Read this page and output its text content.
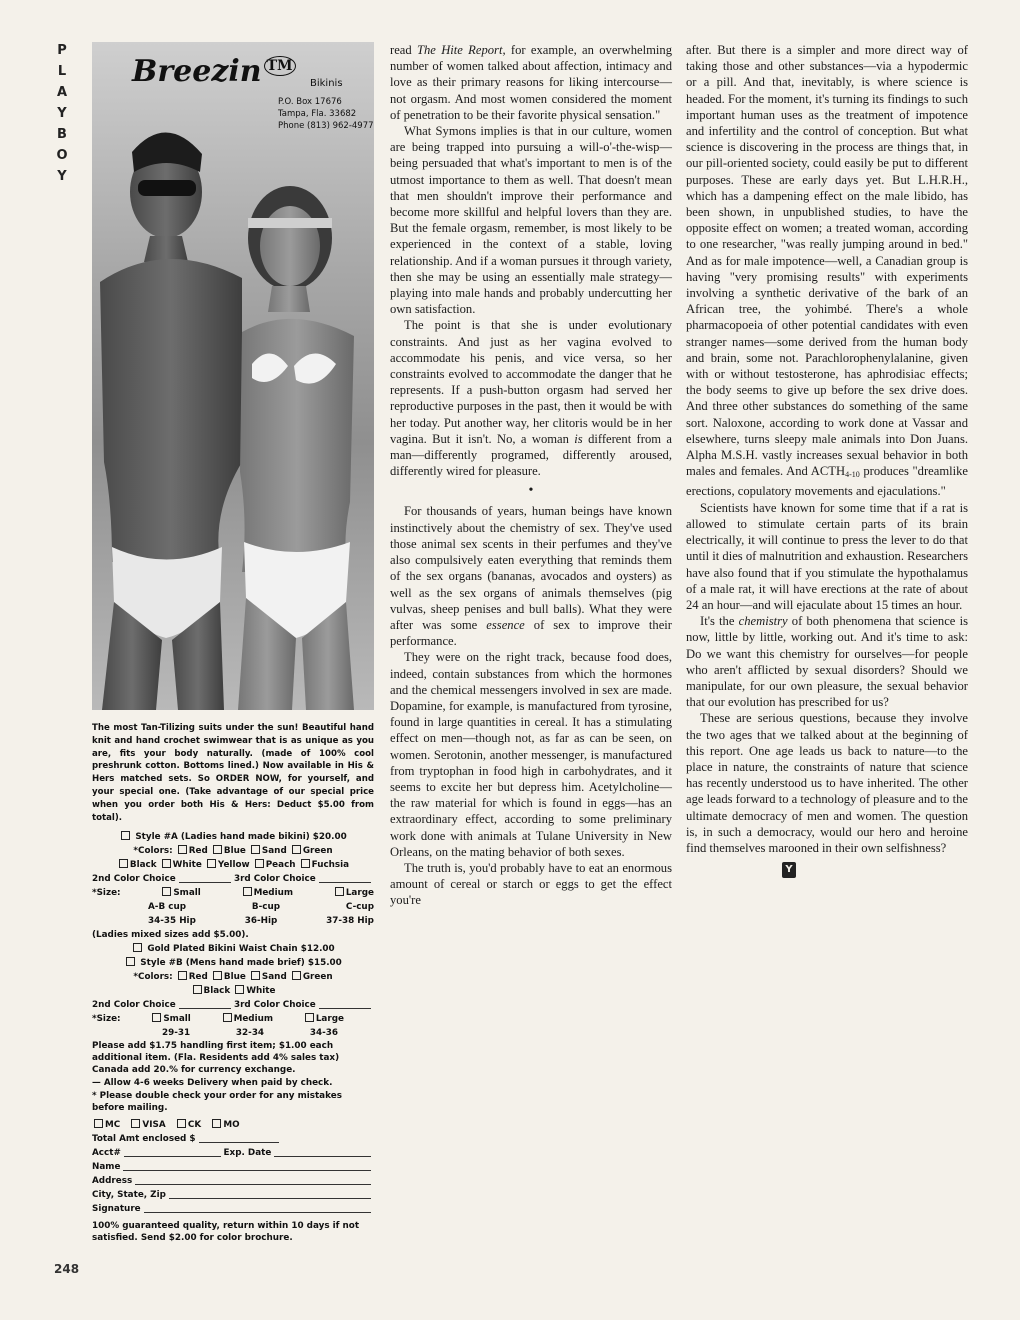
P
L
A
Y
B
O
Y
248
Breezin ™
Bikinis
P.O. Box 17676
Tampa, Fla. 33682
Phone (813) 962-4977

The most Tan-Tilizing suits under the sun! Beautiful hand knit and hand crochet swimwear that is as unique as you are, fits your body naturally. (made of 100% cool preshrunk cotton. Bottoms lined.) Now available in His & Hers matched sets. So ORDER NOW, for yourself, and your special one. (Take advantage of our special price when you order both His & Hers: Deduct $5.00 from total).

Style #A (Ladies hand made bikini) $20.00
*Colors: Red Blue Sand Green
Black White Yellow Peach Fuchsia
2nd Color Choice	3rd Color Choice
*Size:	Small	Medium	Large
A-B cup	B-cup	C-cup
34-35 Hip	36-Hip	37-38 Hip
(Ladies mixed sizes add $5.00).
Gold Plated Bikini Waist Chain $12.00
Style #B (Mens hand made brief) $15.00
*Colors: Red Blue Sand Green
Black White
2nd Color Choice	3rd Color Choice
*Size:	Small	Medium	Large
29-31	32-34	34-36
Please add $1.75 handling first item; $1.00 each additional item. (Fla. Residents add 4% sales tax) Canada add 20.% for currency exchange.
— Allow 4-6 weeks Delivery when paid by check.
* Please double check your order for any mistakes before mailing.
MC	VISA	CK	MO
Total Amt enclosed $
Acct#	Exp. Date
Name
Address
City, State, Zip
Signature
100% guaranteed quality, return within 10 days if not satisfied. Send $2.00 for color brochure.

read The Hite Report, for example, an overwhelming number of women talked about affection, intimacy and love as their primary reasons for liking intercourse—not orgasm. And most women considered the moment of penetration to be their favorite physical sensation."

What Symons implies is that in our culture, women are being trapped into pursuing a will-o'-the-wisp—being persuaded that what's important to men is of the utmost importance to them as well. That doesn't mean that men shouldn't improve their performance and become more skillful and helpful lovers than they are. But the female orgasm, remember, is most likely to be experienced in the context of a stable, loving relationship. And if a woman pursues it through variety, then she may be using an essentially male strategy—playing into male hands and probably undercutting her own satisfaction.

The point is that she is under evolutionary constraints. And just as her vagina evolved to accommodate his penis, and vice versa, so her constraints evolved to accommodate the danger that he represents. If a push-button orgasm had served her reproductive purposes in the past, then it would be with her today. Put another way, her clitoris would be in her vagina. But it isn't. No, a woman is different from a man—differently programed, differently aroused, differently wired for pleasure.

•

For thousands of years, human beings have known instinctively about the chemistry of sex. They've used those animal sex scents in their perfumes and they've also compulsively eaten everything that reminds them of the sex organs (bananas, avocados and oysters) as well as the sex organs of animals themselves (pig vulvas, sheep penises and bull balls). What they were after was some essence of sex to improve their performance.

They were on the right track, because food does, indeed, contain substances from which the hormones and the chemical messengers involved in sex are made. Dopamine, for example, is manufactured from tyrosine, found in large quantities in cereal. It has a stimulating effect on men—though not, as far as can be seen, on women. Serotonin, another messenger, is manufactured from tryptophan in food high in carbohydrates, and it seems to excite her but depress him. Acetylcholine—the raw material for which is found in eggs—has an extraordinary effect, according to some preliminary work done with animals at Tulane University in New Orleans, on the mating behavior of both sexes.

The truth is, you'd probably have to eat an enormous amount of cereal or starch or eggs to get the effect you're

after. But there is a simpler and more direct way of taking those and other substances—via a hypodermic or a pill. And that, inevitably, is where science is headed. For the moment, it's turning its findings to such important human uses as the treatment of impotence and infertility and the control of conception. But what science is discovering in the process are things that, in our pill-oriented society, could easily be put to different purposes. These are early days yet. But L.H.R.H., which has a dampening effect on the male libido, has been shown, in unpublished studies, to have the opposite effect on women; a treated woman, according to one researcher, "was really jumping around in bed." And as for male impotence—well, a Canadian group is having "very promising results" with experiments involving a synthetic derivative of the bark of an African tree, the yohimbé. There's a whole pharmacopoeia of other potential candidates with even stranger names—some derived from the human body and brain, some not. Parachlorophenylalanine, given with or without testosterone, has aphrodisiac effects; the body seems to give up before the sex drive does. And three other substances do something of the same sort. Naloxone, according to work done at Vassar and elsewhere, turns sleepy male animals into Don Juans. Alpha M.S.H. vastly increases sexual behavior in both males and females. And $ACTH_{4-10}$ produces "dreamlike erections, copulatory movements and ejaculations."

Scientists have known for some time that if a rat is allowed to stimulate certain parts of its brain electrically, it will continue to press the lever to do that until it dies of malnutrition and exhaustion. Researchers have also found that if you stimulate the hypothalamus of a male rat, it will have erections at the rate of about 24 an hour—and will ejaculate about 15 times an hour.

It's the chemistry of both phenomena that science is now, little by little, working out. And it's time to ask: Do we want this chemistry for ourselves—for people who aren't afflicted by sexual disorders? Should we manipulate, for our own pleasure, the sexual behavior that our evolution has prescribed for us?

These are serious questions, because they involve the two ages that we talked about at the beginning of this report. One age leads us back to nature—to the place in nature, the constraints of nature that science has recently understood us to have inherited. The other age leads forward to a technology of pleasure and to the ultimate democracy of men and women. The question is, in such a democracy, would our hero and heroine find themselves marooned in their own selfishness?

Y
